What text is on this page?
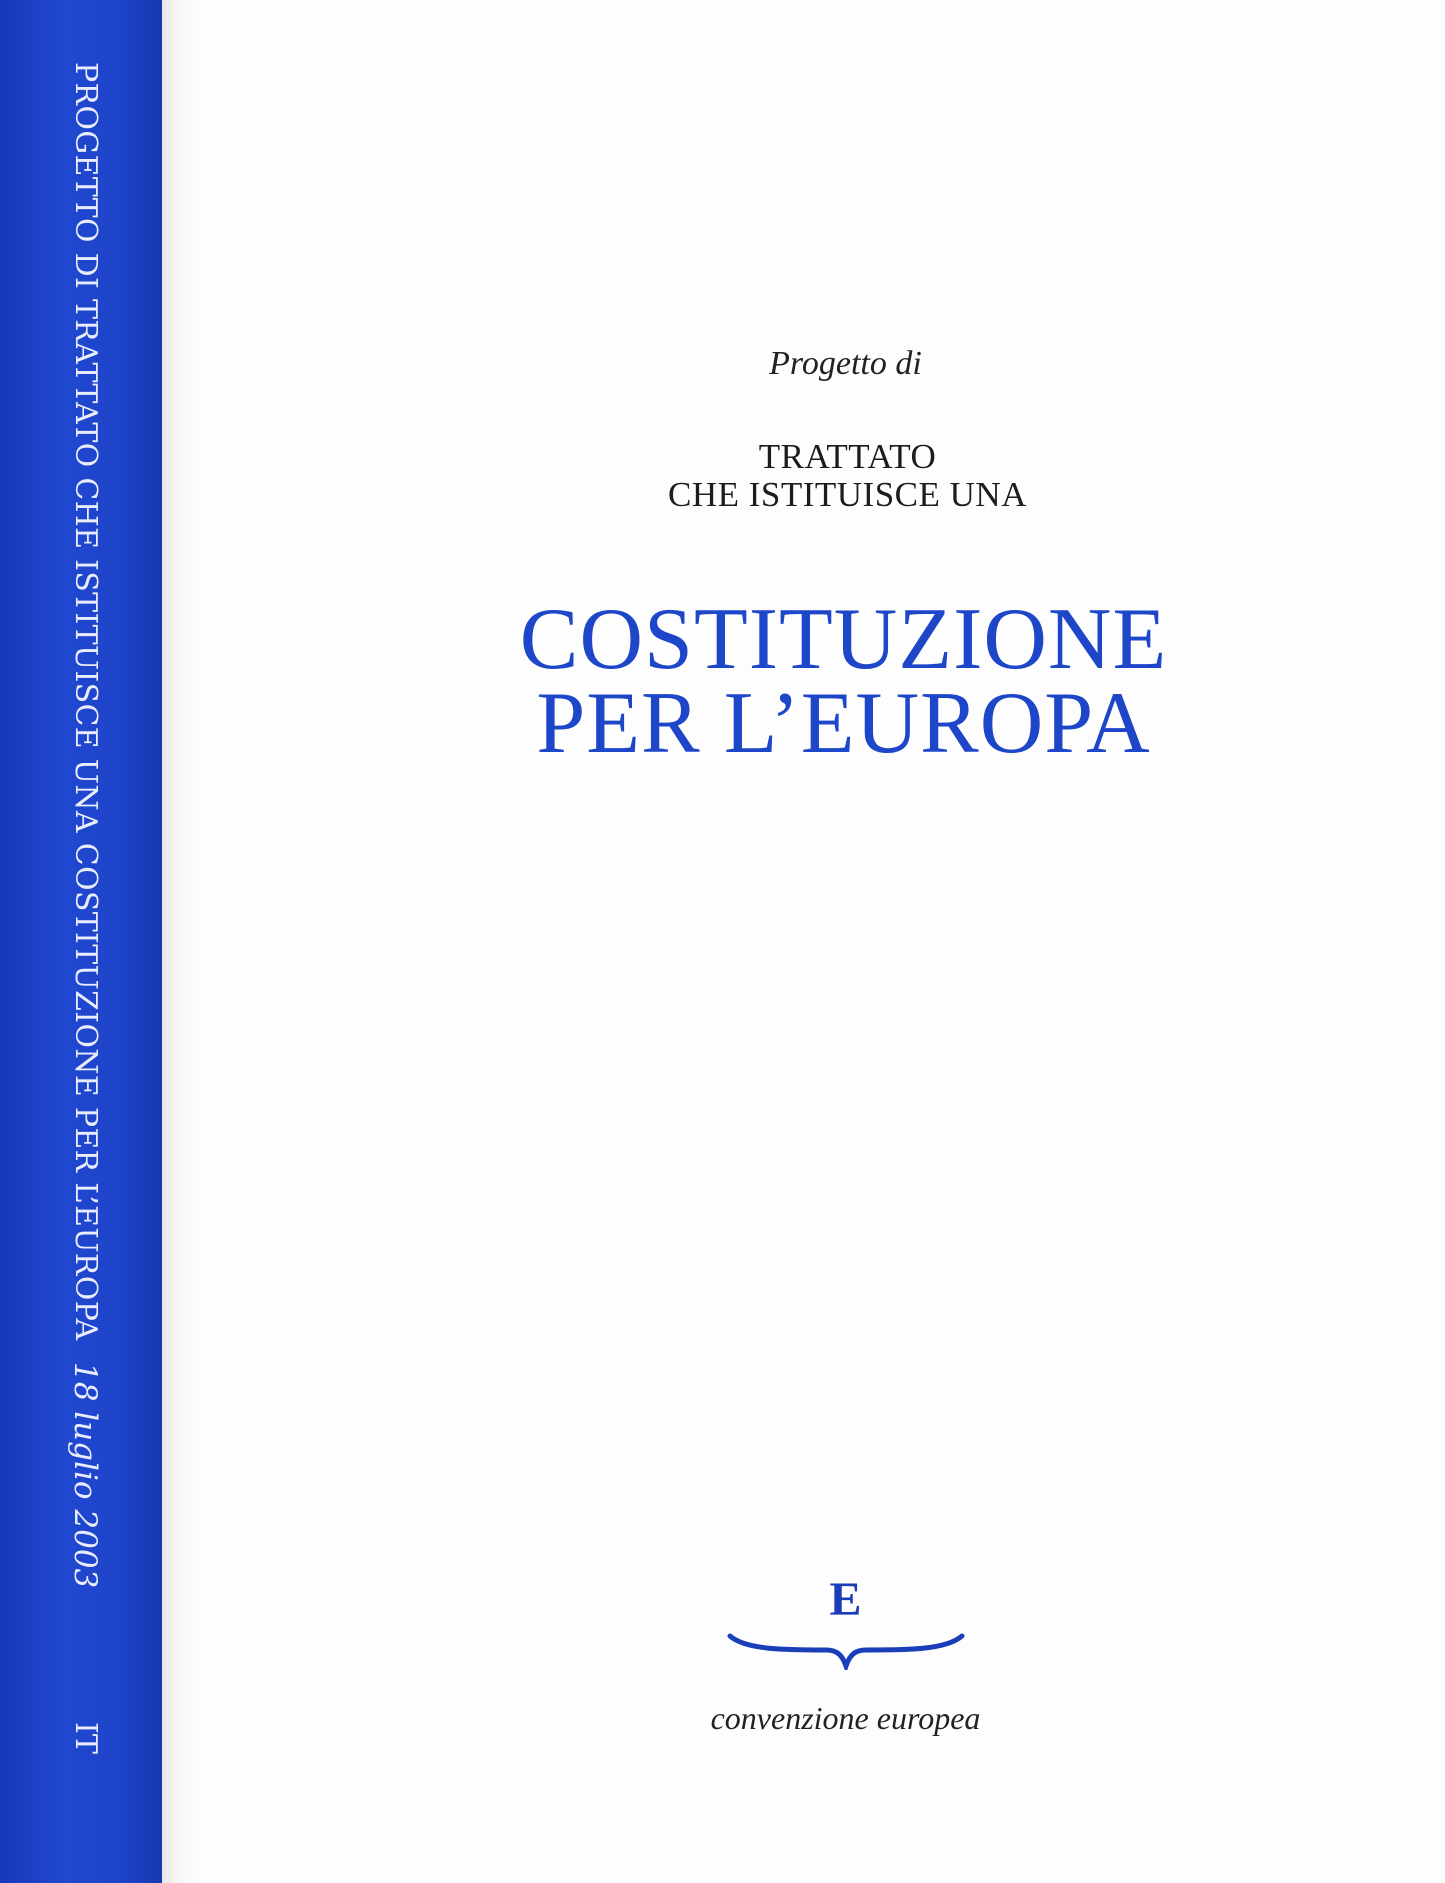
PROGETTO DI TRATTATO CHE ISTITUISCE UNA COSTITUZIONE PER L’EUROPA
18 luglio 2003
IT
Progetto di
TRATTATO
CHE ISTITUISCE UNA
COSTITUZIONE
PER L’EUROPA
E
convenzione europea
